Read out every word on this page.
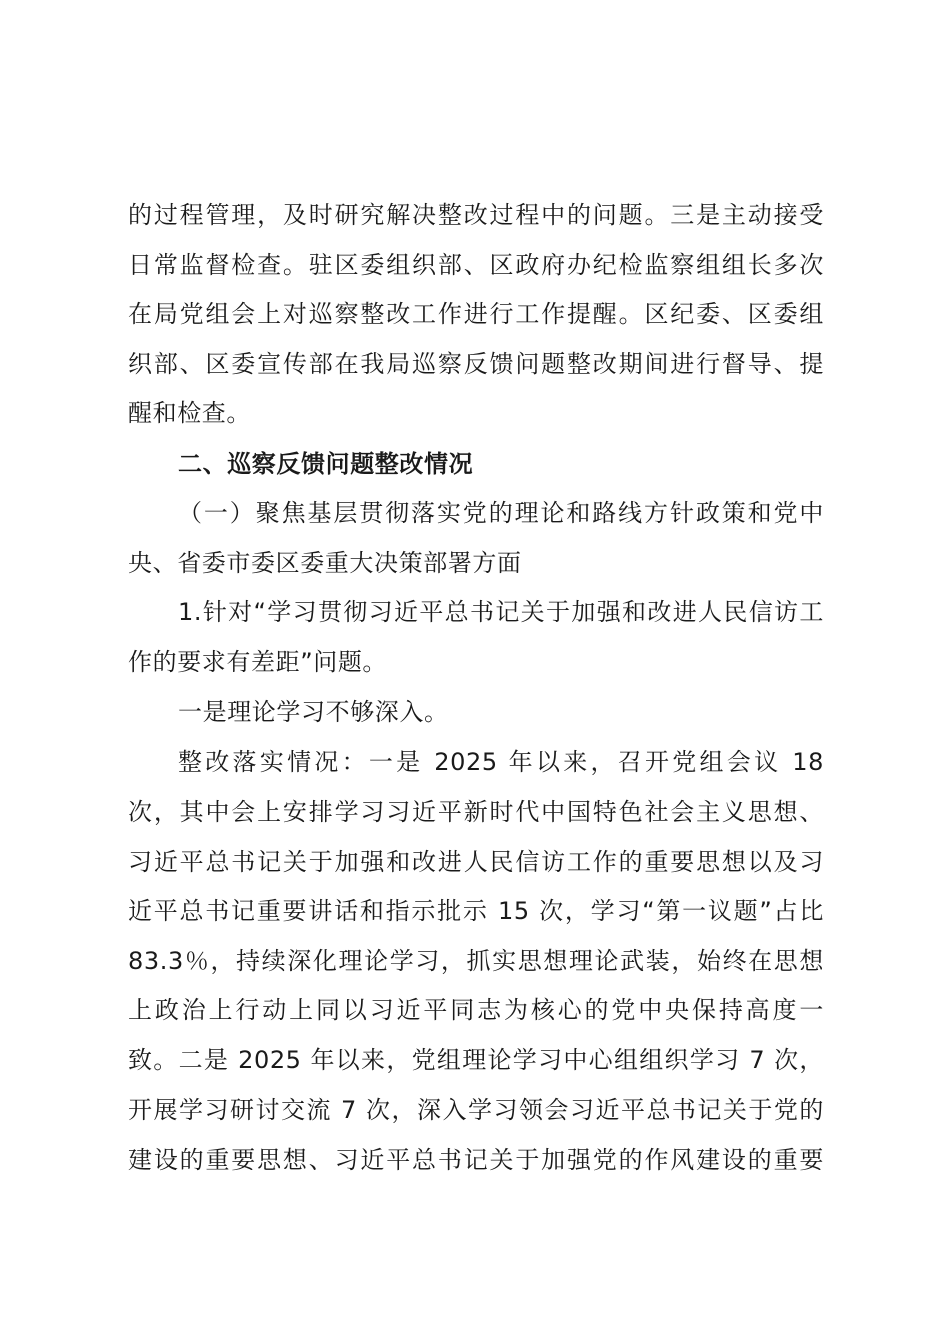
的过程管理，及时研究解决整改过程中的问题。三是主动接受
日常监督检查。驻区委组织部、区政府办纪检监察组组长多次
在局党组会上对巡察整改工作进行工作提醒。区纪委、区委组
织部、区委宣传部在我局巡察反馈问题整改期间进行督导、提
醒和检查。
二、巡察反馈问题整改情况
（一）聚焦基层贯彻落实党的理论和路线方针政策和党中
央、省委市委区委重大决策部署方面
1.针对“学习贯彻习近平总书记关于加强和改进人民信访工
作的要求有差距”问题。
一是理论学习不够深入。
整改落实情况：一是 2025 年以来，召开党组会议 18
次，其中会上安排学习习近平新时代中国特色社会主义思想、
习近平总书记关于加强和改进人民信访工作的重要思想以及习
近平总书记重要讲话和指示批示 15 次，学习“第一议题”占比
83.3％，持续深化理论学习，抓实思想理论武装，始终在思想
上政治上行动上同以习近平同志为核心的党中央保持高度一
致。二是 2025 年以来，党组理论学习中心组组织学习 7 次，
开展学习研讨交流 7 次，深入学习领会习近平总书记关于党的
建设的重要思想、习近平总书记关于加强党的作风建设的重要
